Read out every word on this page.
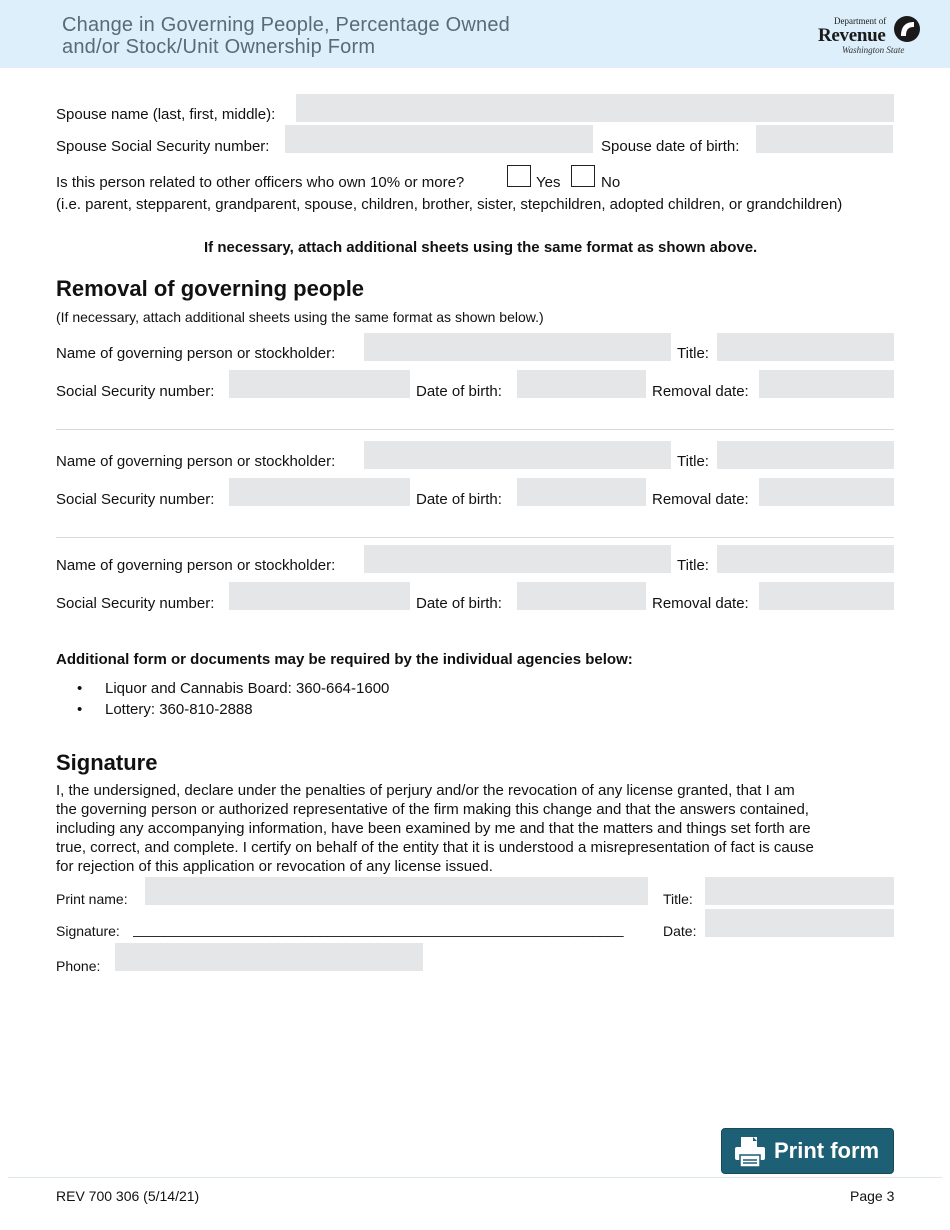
Change in Governing People, Percentage Owned
and/or Stock/Unit Ownership Form
Department of
Revenue
Washington State
Spouse name (last, first, middle):
Spouse Social Security number:	Spouse date of birth:
Is this person related to other officers who own 10% or more?	Yes	No
(i.e. parent, stepparent, grandparent, spouse, children, brother, sister, stepchildren, adopted children, or grandchildren)
If necessary, attach additional sheets using the same format as shown above.
Removal of governing people
(If necessary, attach additional sheets using the same format as shown below.)
Name of governing person or stockholder:	Title:
Social Security number:	Date of birth:	Removal date:
Name of governing person or stockholder:	Title:
Social Security number:	Date of birth:	Removal date:
Name of governing person or stockholder:	Title:
Social Security number:	Date of birth:	Removal date:
Additional form or documents may be required by the individual agencies below:
• Liquor and Cannabis Board: 360-664-1600
• Lottery: 360-810-2888
Signature
I, the undersigned, declare under the penalties of perjury and/or the revocation of any license granted, that I am
the governing person or authorized representative of the firm making this change and that the answers contained,
including any accompanying information, have been examined by me and that the matters and things set forth are
true, correct, and complete. I certify on behalf of the entity that it is understood a misrepresentation of fact is cause
for rejection of this application or revocation of any license issued.
Print name:	Title:
Signature: _______________________________________________________________	Date:
Phone:
Print form
REV 700 306 (5/14/21)	Page 3
